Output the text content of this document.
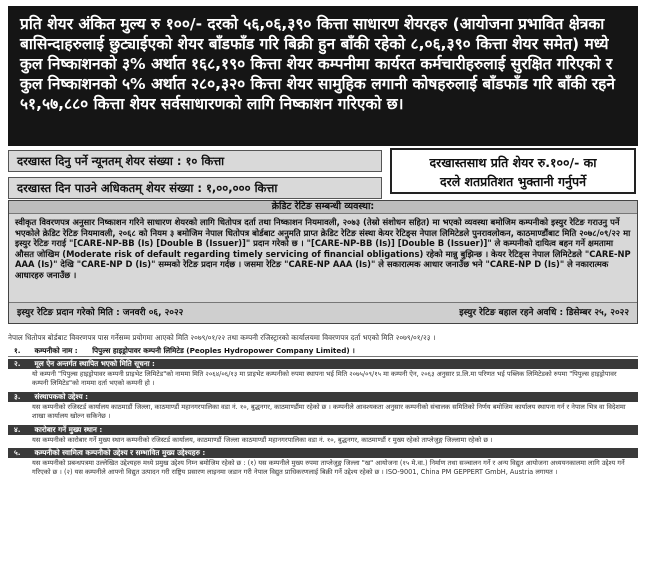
प्रति शेयर अंकित मुल्य रु १००/- दरको ५६,०६,३९० कित्ता साधारण शेयरहरु (आयोजना प्रभावित क्षेत्रका बासिन्दाहरुलाई छुट्याईएको शेयर बाँडफाँड गरि बिक्री हुन बाँकी रहेको ८,०६,३९० कित्ता शेयर समेत) मध्ये कुल निष्काशनको ३% अर्थात १६८,१९० कित्ता शेयर कम्पनीमा कार्यरत कर्मचारीहरुलाई सुरक्षित गरिएको र कुल निष्काशनको ५% अर्थात २८०,३२० कित्ता शेयर सामुहिक लगानी कोषहरुलाई बाँडफाँड गरि बाँकी रहने ५१,५७,८८० कित्ता शेयर सर्वसाधारणको लागि निष्काशन गरिएको छ।
दरखास्त दिनु पर्ने न्यूनतम् शेयर संख्या : १० कित्ता
दरखास्त दिन पाउने अधिकतम् शेयर संख्या : १,००,००० कित्ता
दरखास्तसाथ प्रति शेयर रु.१००/- का
दरले शतप्रतिशत भुक्तानी गर्नुपर्ने
क्रेडिट रेटिङ सम्बन्धी व्यवस्था:
स्वीकृत विवरणपत्र अनुसार निष्काशन गरिने साधारण शेयरको लागि धितोपत्र दर्ता तथा निष्काशन नियमावली, २०७३ (तेस्रो संशोधन सहित) मा भएको व्यवस्था बमोजिम कम्पनीको इस्युर रेटिङ गराउनु पर्ने भएकोले क्रेडिट रेटिङ नियमावली, २०६८ को नियम ३ बमोजिम नेपाल धितोपत्र बोर्डबाट अनुमति प्राप्त क्रेडिट रेटिङ संस्था केयर रेटिङ्स नेपाल लिमिटेडले पुनरावलोकन, काठमाण्डौंबाट मिति २०७८/०९/२२ मा इस्युर रेटिङ गराई "[CARE-NP-BB (Is) [Double B (Issuer)]" प्रदान गरेको छ । "[CARE-NP-BB (Is)] [Double B (Issuer)]" ले कम्पनीको दायित्व बहन गर्ने क्षमतामा औसत जोखिम (Moderate risk of default regarding timely servicing of financial obligations) रहेको मान्नु बुझिन्छ । केयर रेटिङ्स नेपाल लिमिटेडले "CARE-NP AAA (Is)" देखि "CARE-NP D (Is)" सम्मको रेटिङ प्रदान गर्दछ । जसमा रेटिङ "CARE-NP AAA (Is)" ले सकारात्मक आधार जनाउँछ भने "CARE-NP D (Is)" ले नकारात्मक आधारहरु जनाउँछ ।
इस्युर रेटिङ प्रदान गरेको मिति : जनवरी ०६, २०२२	इस्युर रेटिङ बहाल रहने अवधि : डिसेम्बर २५, २०२२
नेपाल धितोपत्र बोर्डबाट विवरणपत्र पास गर्नेसम्म प्रयोगमा आएको मिति २०७९/०१/२२ तथा कम्पनी रजिस्ट्रारको कार्यालयमा विवरणपत्र दर्ता भएको मिति २०७९/०१/२३ ।
१. कम्पनीको नाम : पिपुल्स हाइड्रोपावर कम्पनी लिमिटेड (Peoples Hydropower Company Limited) ।
२. मूल ऐन अन्तर्गत स्थापित भएको मिति सूचना :
यो कम्पनी "पिपुल्स हाइड्रोपावर कम्पनी प्राइभेट लिमिटेड"को नाममा मिति २०६४/०६/१३ मा प्राइभेट कम्पनीको रुपमा स्थापना भई मिति २०७५/०९/१५ मा कम्पनी ऐन, २०६३ अनुसार प्र.लि.मा परिणत भई पब्लिक लिमिटेडको रुपमा "पिपुल्स हाइड्रोपावर कम्पनी लिमिटेड"को नाममा दर्ता भएको कम्पनी हो ।
३. संस्थापकको उद्देश्य :
यस कम्पनीको रजिस्टर्ड कार्यालय काठमाडौं जिल्ला, काठमाण्डौं महानगरपालिका वडा नं. १०, बुद्धनगर, काठमाण्डौंमा रहेको छ । कम्पनीले आवश्यकता अनुसार कम्पनीको संचालक समितिको निर्णय बमोजिम कार्यालय स्थापना गर्न र नेपाल भित्र वा विदेशमा शाखा कार्यालय खोल्न सकिनेछ ।
४. कारोबार गर्ने मुख्य स्थान :
यस कम्पनीको कारोबार गर्ने मुख्य स्थान कम्पनीको रजिस्टर्ड कार्यालय, काठमाण्डौं जिल्ला काठमाण्डौं महानगरपालिका वडा नं. १०, बुद्धनगर, काठमाण्डौं र मुख्य रहेको ताप्लेजुङ्ग जिल्लामा रहेको छ ।
५. कम्पनीको स्वामित्व कम्पनीको उद्देश्य र सम्भावित मुख्य उद्देश्यहरु :
यस कम्पनीको प्रबन्धपत्रमा उल्लेखित उद्देश्यहरु मध्ये प्रमुख उद्देश्य निम्न बमोजिम रहेको छ : (१) यस कम्पनीले मुख्य रुपमा ताप्लेजुङ्ग जिल्ला "ख" आयोजना (१५ मे.वा.) निर्माण तथा सञ्चालन गर्ने र अन्य विद्युत आयोजना अध्ययनकालमा लागि उद्देश्य गर्ने गरिएको छ । (२) यस कम्पनीले आफ्नो विद्युत उत्पादन गरी राष्ट्रिय प्रसारण लाइनमा जडान गरी नेपाल विद्युत प्राधिकरणलाई बिक्री गर्ने उद्देश्य रहेको छ । ISO-9001, China PM GEPPERT GmbH, Austria लगायत ।
